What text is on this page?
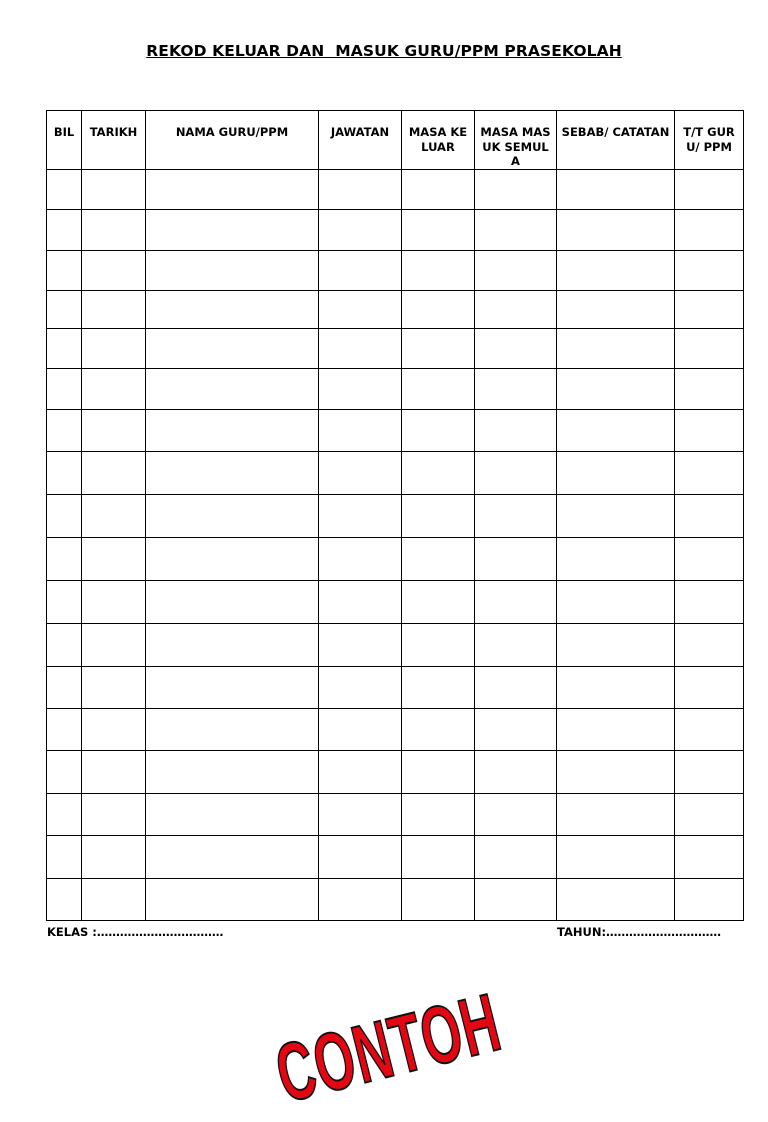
REKOD KELUAR DAN  MASUK GURU/PPM PRASEKOLAH
BIL	TARIKH	NAMA GURU/PPM	JAWATAN	MASA KELUAR	MASA MASUK SEMULA	SEBAB/ CATATAN	T/T GURU/ PPM

KELAS :……………………………	TAHUN:…………………………
CONTOH
